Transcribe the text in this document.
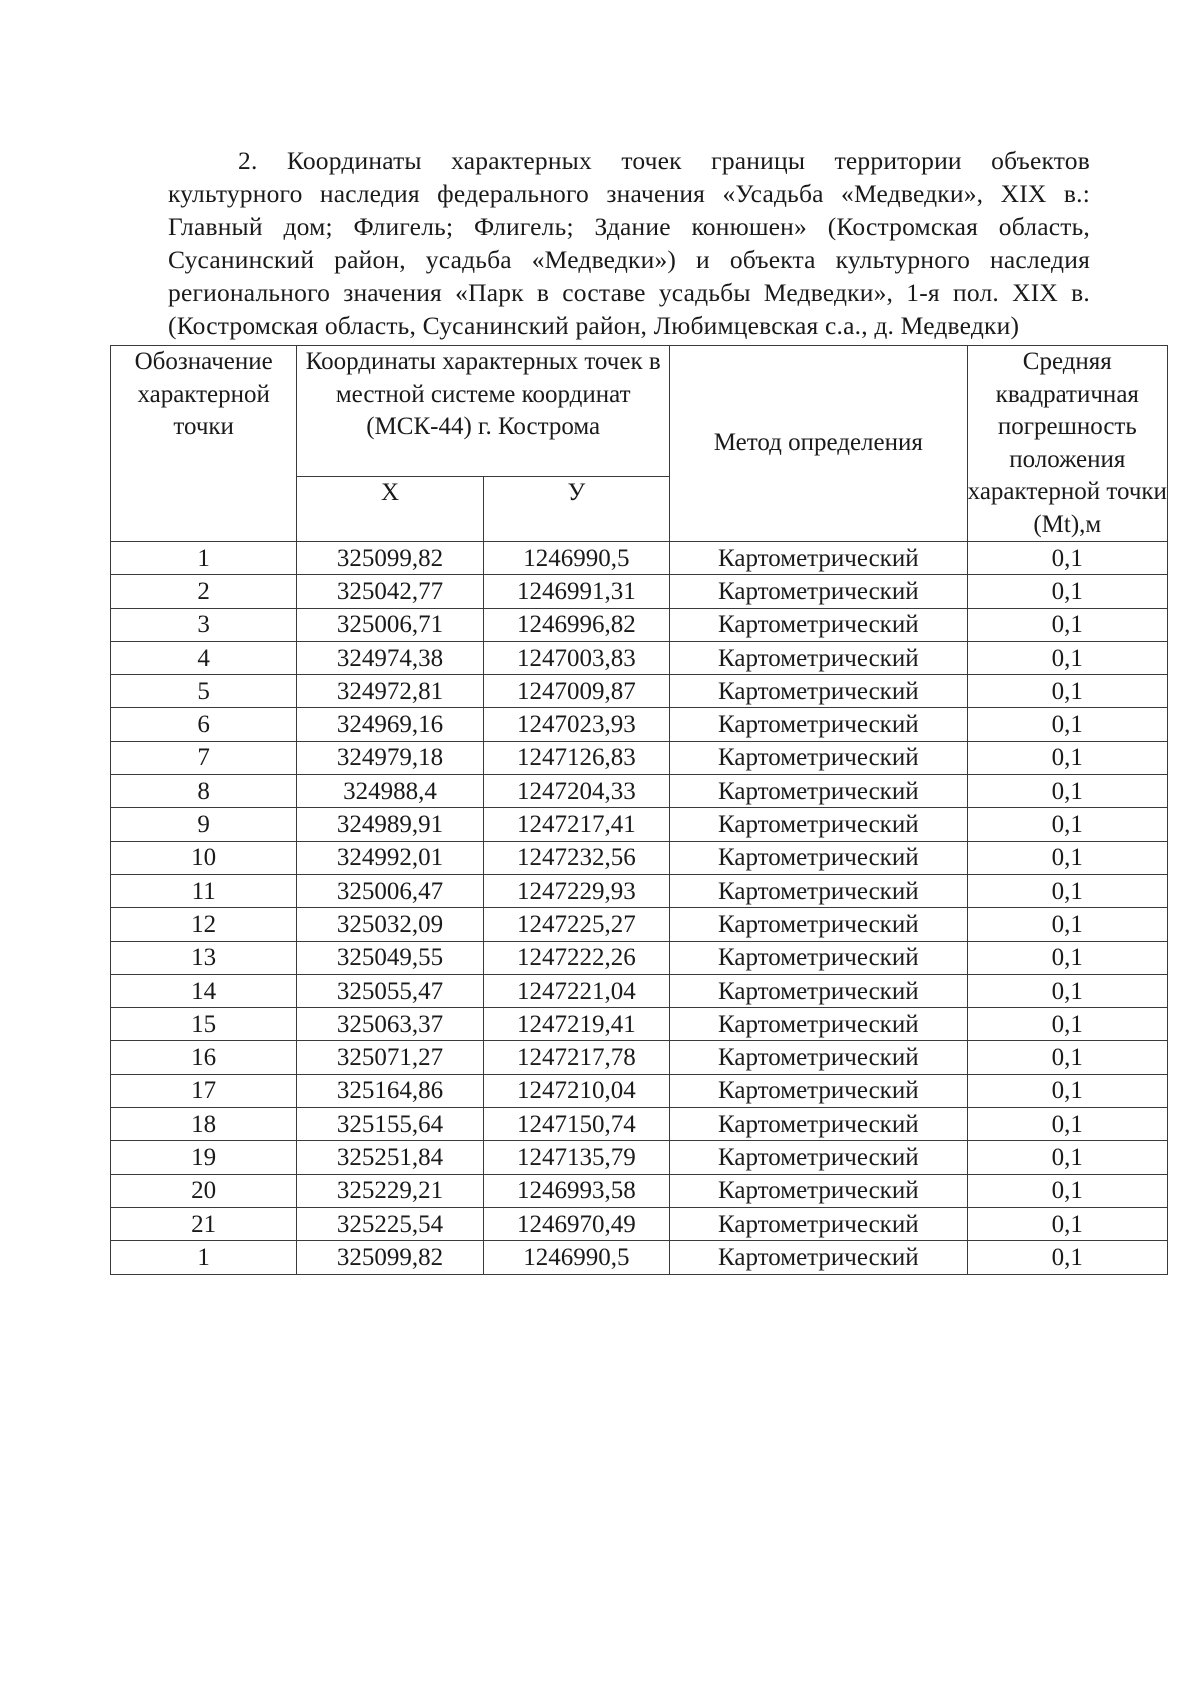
2. Координаты характерных точек границы территории объектов культурного наследия федерального значения «Усадьба «Медведки», XIX в.: Главный дом; Флигель; Флигель; Здание конюшен» (Костромская область, Сусанинский район, усадьба «Медведки») и объекта культурного наследия регионального значения «Парк в составе усадьбы Медведки», 1-я пол. XIX в. (Костромская область, Сусанинский район, Любимцевская с.а., д. Медведки)

Обозначение характерной точки	Координаты характерных точек в местной системе координат (МСК-44) г. Кострома		Метод определения	Средняя квадратичная погрешность положения характерной точки (Mt),м
	Х	У		
1	325099,82	1246990,5	Картометрический	0,1
2	325042,77	1246991,31	Картометрический	0,1
3	325006,71	1246996,82	Картометрический	0,1
4	324974,38	1247003,83	Картометрический	0,1
5	324972,81	1247009,87	Картометрический	0,1
6	324969,16	1247023,93	Картометрический	0,1
7	324979,18	1247126,83	Картометрический	0,1
8	324988,4	1247204,33	Картометрический	0,1
9	324989,91	1247217,41	Картометрический	0,1
10	324992,01	1247232,56	Картометрический	0,1
11	325006,47	1247229,93	Картометрический	0,1
12	325032,09	1247225,27	Картометрический	0,1
13	325049,55	1247222,26	Картометрический	0,1
14	325055,47	1247221,04	Картометрический	0,1
15	325063,37	1247219,41	Картометрический	0,1
16	325071,27	1247217,78	Картометрический	0,1
17	325164,86	1247210,04	Картометрический	0,1
18	325155,64	1247150,74	Картометрический	0,1
19	325251,84	1247135,79	Картометрический	0,1
20	325229,21	1246993,58	Картометрический	0,1
21	325225,54	1246970,49	Картометрический	0,1
1	325099,82	1246990,5	Картометрический	0,1
